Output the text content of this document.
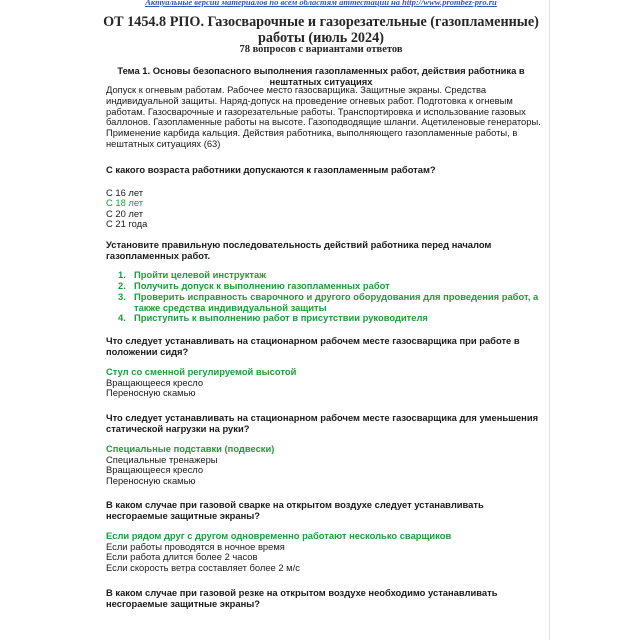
Актуальные версии материалов по всем областям аттестации на http://www.prombez-pro.ru
ОТ 1454.8 РПО. Газосварочные и газорезательные (газопламенные) работы (июль 2024)
78 вопросов с вариантами ответов
Тема 1. Основы безопасного выполнения газопламенных работ, действия работника в нештатных ситуациях
Допуск к огневым работам. Рабочее место газосварщика. Защитные экраны. Средства индивидуальной защиты. Наряд-допуск на проведение огневых работ. Подготовка к огневым работам. Газосварочные и газорезательные работы. Транспортировка и использование газовых баллонов. Газопламенные работы на высоте. Газоподводящие шланги. Ацетиленовые генераторы. Применение карбида кальция. Действия работника, выполняющего газопламенные работы, в нештатных ситуациях (63)
С какого возраста работники допускаются к газопламенным работам?
С 16 лет
С 18 лет
С 20 лет
С 21 года
Установите правильную последовательность действий работника перед началом газопламенных работ.
1. Пройти целевой инструктаж
2. Получить допуск к выполнению газопламенных работ
3. Проверить исправность сварочного и другого оборудования для проведения работ, а также средства индивидуальной защиты
4. Приступить к выполнению работ в присутствии руководителя
Что следует устанавливать на стационарном рабочем месте газосварщика при работе в положении сидя?
Стул со сменной регулируемой высотой
Вращающееся кресло
Переносную скамью
Что следует устанавливать на стационарном рабочем месте газосварщика для уменьшения статической нагрузки на руки?
Специальные подставки (подвески)
Специальные тренажеры
Вращающееся кресло
Переносную скамью
В каком случае при газовой сварке на открытом воздухе следует устанавливать несгораемые защитные экраны?
Если рядом друг с другом одновременно работают несколько сварщиков
Если работы проводятся в ночное время
Если работа длится более 2 часов
Если скорость ветра составляет более 2 м/с
В каком случае при газовой резке на открытом воздухе необходимо устанавливать несгораемые защитные экраны?
